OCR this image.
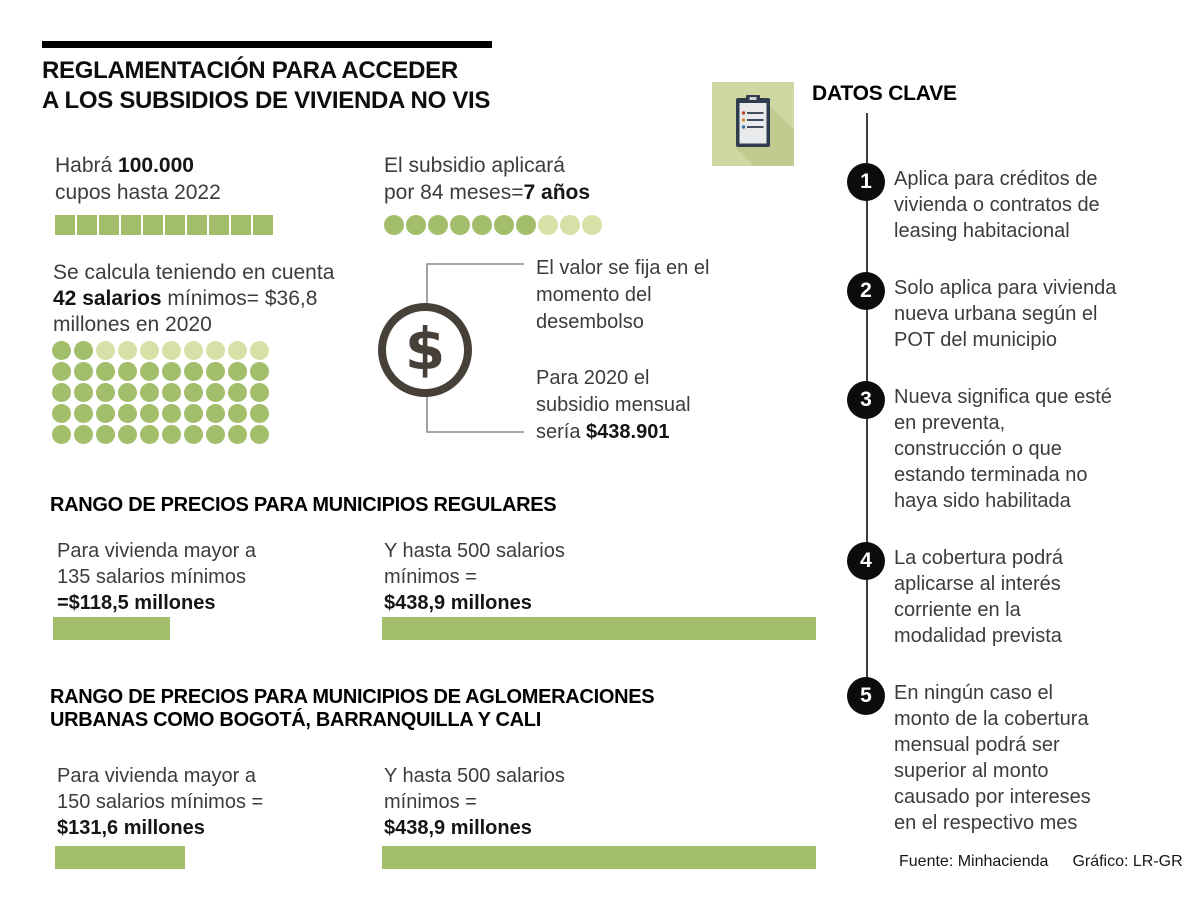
REGLAMENTACIÓN PARA ACCEDER
A LOS SUBSIDIOS DE VIVIENDA NO VIS
Habrá 100.000
cupos hasta 2022
El subsidio aplicará
por 84 meses=7 años
Se calcula teniendo en cuenta
42 salarios mínimos= $36,8
millones en 2020	$
El valor se fija en el
momento del
desembolso
Para 2020 el
subsidio mensual
sería $438.901
RANGO DE PRECIOS PARA MUNICIPIOS REGULARES
Para vivienda mayor a
135 salarios mínimos
=$118,5 millones
Y hasta 500 salarios
mínimos =
$438,9 millones
RANGO DE PRECIOS PARA MUNICIPIOS DE AGLOMERACIONES
URBANAS COMO BOGOTÁ, BARRANQUILLA Y CALI
Para vivienda mayor a
150 salarios mínimos =
$131,6 millones
Y hasta 500 salarios
mínimos =
$438,9 millones
DATOS CLAVE
1	Aplica para créditos de
vivienda o contratos de
leasing habitacional
2	Solo aplica para vivienda
nueva urbana según el
POT del municipio
3	Nueva significa que esté
en preventa,
construcción o que
estando terminada no
haya sido habilitada
4	La cobertura podrá
aplicarse al interés
corriente en la
modalidad prevista
5	En ningún caso el
monto de la cobertura
mensual podrá ser
superior al monto
causado por intereses
en el respectivo mes
Fuente: Minhacienda Gráfico: LR-GR
